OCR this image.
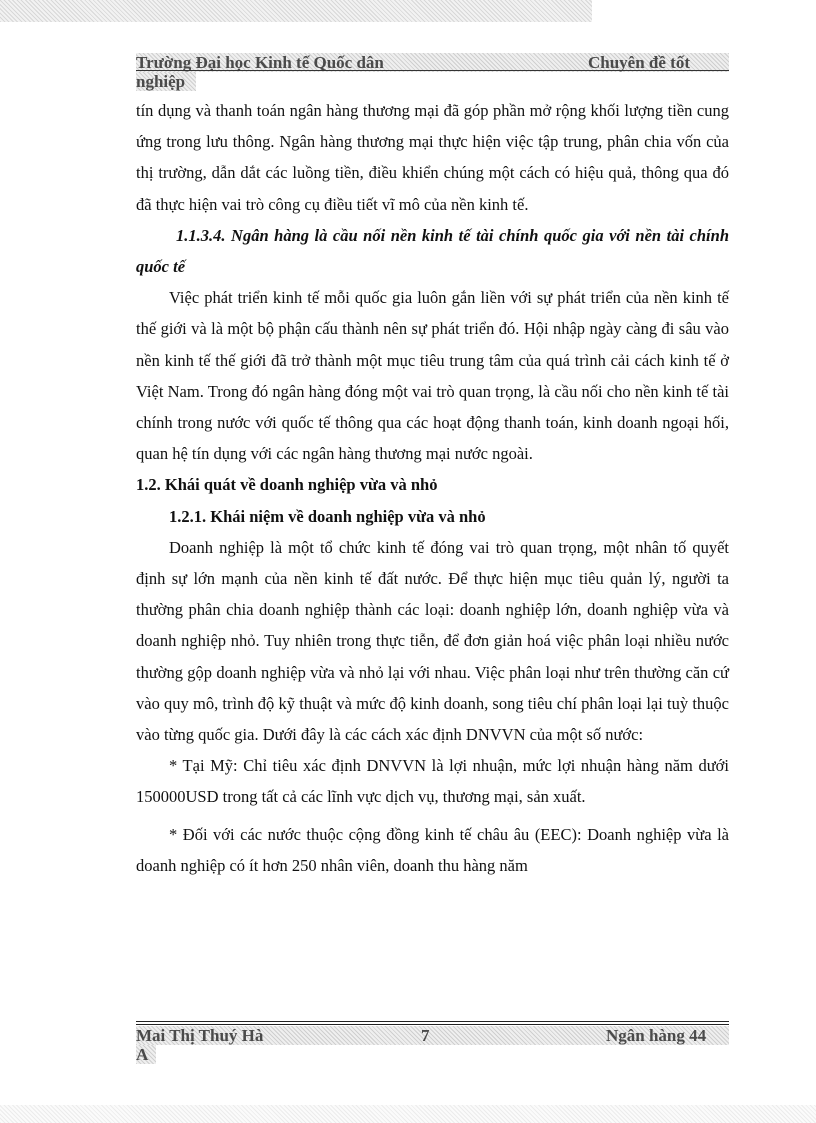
Trường Đại học Kinh tế Quốc dân	Chuyên đề tốt
nghiệp

tín dụng và thanh toán ngân hàng thương mại đã góp phần mở rộng khối lượng tiền cung ứng trong lưu thông. Ngân hàng thương mại thực hiện việc tập trung, phân chia vốn của thị trường, dẫn dắt các luồng tiền, điều khiển chúng một cách có hiệu quả, thông qua đó đã thực hiện vai trò công cụ điều tiết vĩ mô của nền kinh tế.

1.1.3.4. Ngân hàng là cầu nối nền kinh tế tài chính quốc gia với nền tài chính quốc tế

Việc phát triển kinh tế mỗi quốc gia luôn gắn liền với sự phát triển của nền kinh tế thế giới và là một bộ phận cấu thành nên sự phát triển đó. Hội nhập ngày càng đi sâu vào nền kinh tế thế giới đã trở thành một mục tiêu trung tâm của quá trình cải cách kinh tế ở Việt Nam. Trong đó ngân hàng đóng một vai trò quan trọng, là cầu nối cho nền kinh tế tài chính trong nước với quốc tế thông qua các hoạt động thanh toán, kinh doanh ngoại hối, quan hệ tín dụng với các ngân hàng thương mại nước ngoài.

1.2. Khái quát về doanh nghiệp vừa và nhỏ

1.2.1. Khái niệm về doanh nghiệp vừa và nhỏ

Doanh nghiệp là một tổ chức kinh tế đóng vai trò quan trọng, một nhân tố quyết định sự lớn mạnh của nền kinh tế đất nước. Để thực hiện mục tiêu quản lý, người ta thường phân chia doanh nghiệp thành các loại: doanh nghiệp lớn, doanh nghiệp vừa và doanh nghiệp nhỏ. Tuy nhiên trong thực tiễn, để đơn giản hoá việc phân loại nhiều nước thường gộp doanh nghiệp vừa và nhỏ lại với nhau. Việc phân loại như trên thường căn cứ vào quy mô, trình độ kỹ thuật và mức độ kinh doanh, song tiêu chí phân loại lại tuỳ thuộc vào từng quốc gia. Dưới đây là các cách xác định DNVVN của một số nước:

* Tại Mỹ: Chỉ tiêu xác định DNVVN là lợi nhuận, mức lợi nhuận hàng năm dưới 150000USD trong tất cả các lĩnh vực dịch vụ, thương mại, sản xuất.

* Đối với các nước thuộc cộng đồng kinh tế châu âu (EEC): Doanh nghiệp vừa là doanh nghiệp có ít hơn 250 nhân viên, doanh thu hàng năm

Mai Thị Thuý Hà	7	Ngân hàng 44
A
